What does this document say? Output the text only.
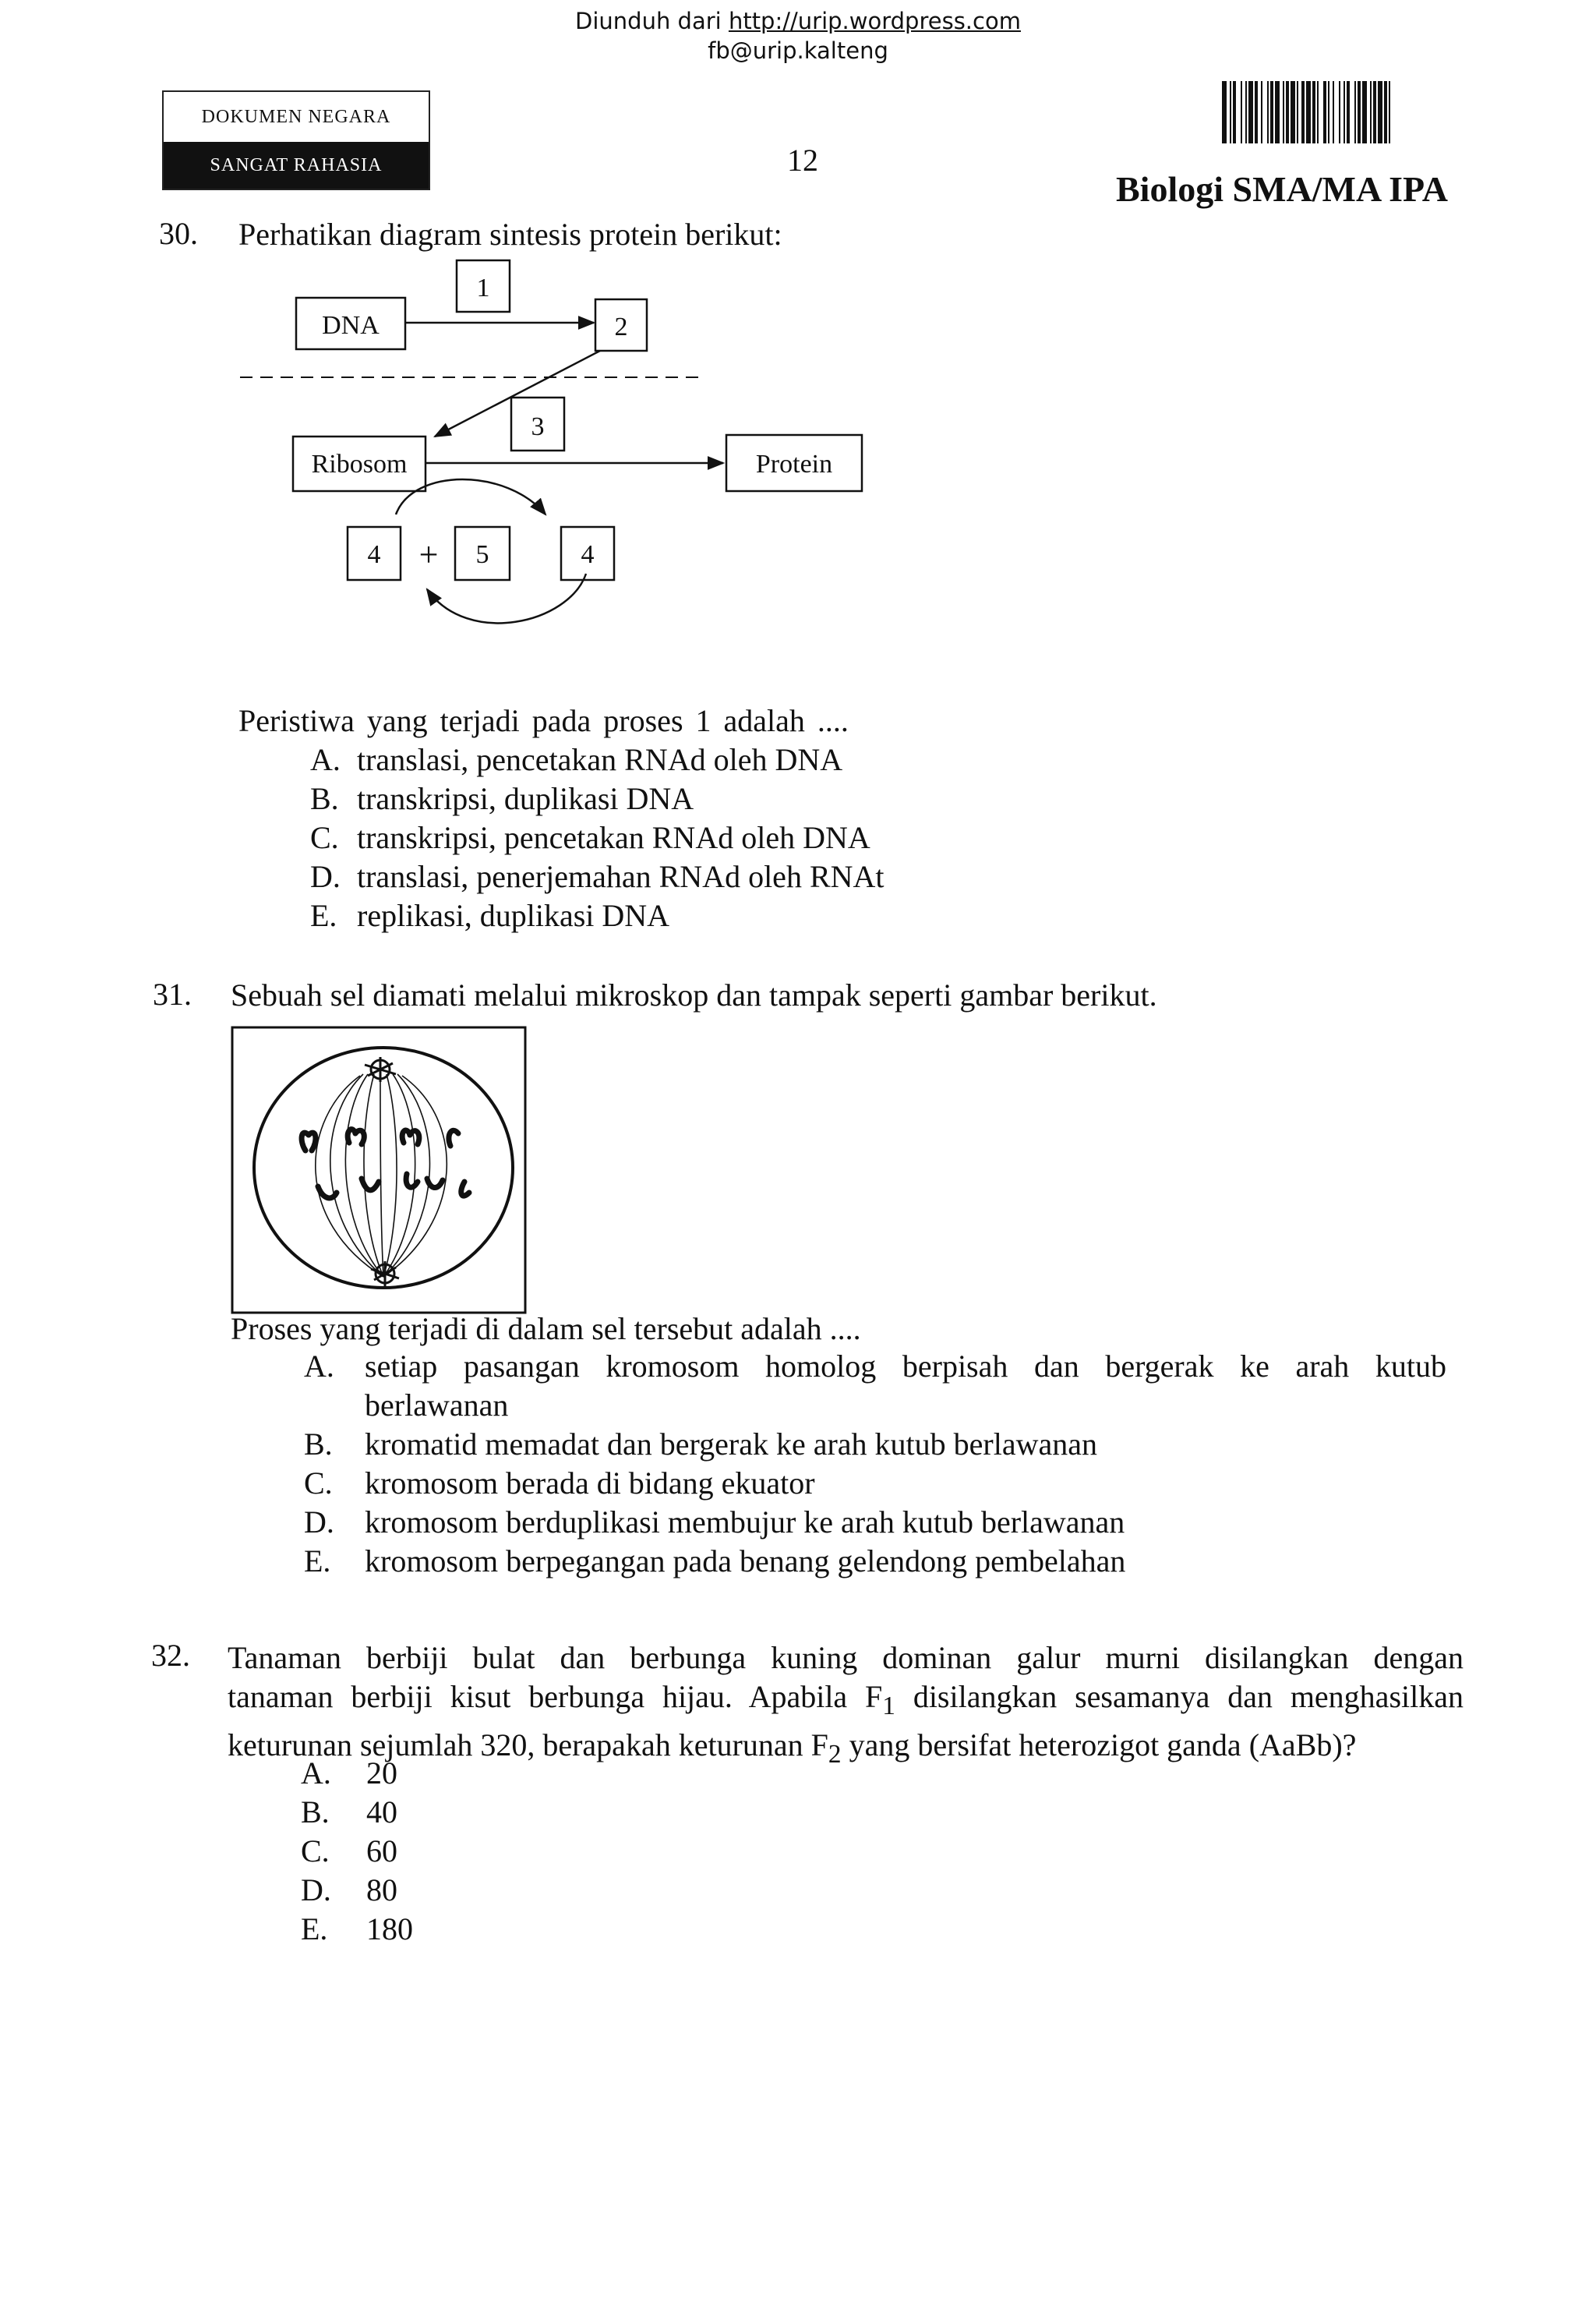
Diunduh dari http://urip.wordpress.com
fb@urip.kalteng
DOKUMEN NEGARA
SANGAT RAHASIA	12
Biologi SMA/MA IPA
30. Perhatikan diagram sintesis protein berikut:
1
DNA	2
3
Ribosom	Protein
4 + 5	4
Peristiwa yang terjadi pada proses 1 adalah ....
A. translasi, pencetakan RNAd oleh DNA
B. transkripsi, duplikasi DNA
C. transkripsi, pencetakan RNAd oleh DNA
D. translasi, penerjemahan RNAd oleh RNAt
E. replikasi, duplikasi DNA
31. Sebuah sel diamati melalui mikroskop dan tampak seperti gambar berikut.
Proses yang terjadi di dalam sel tersebut adalah ....
A. setiap pasangan kromosom homolog berpisah dan bergerak ke arah kutub
berlawanan
B. kromatid memadat dan bergerak ke arah kutub berlawanan
C. kromosom berada di bidang ekuator
D. kromosom berduplikasi membujur ke arah kutub berlawanan
E. kromosom berpegangan pada benang gelendong pembelahan
32. Tanaman berbiji bulat dan berbunga kuning dominan galur murni disilangkan dengan
tanaman berbiji kisut berbunga hijau. Apabila $F_1$ disilangkan sesamanya dan menghasilkan
keturunan sejumlah 320, berapakah keturunan $F_2$ yang bersifat heterozigot ganda (AaBb)?
A. 20
B. 40
C. 60
D. 80
E. 180
